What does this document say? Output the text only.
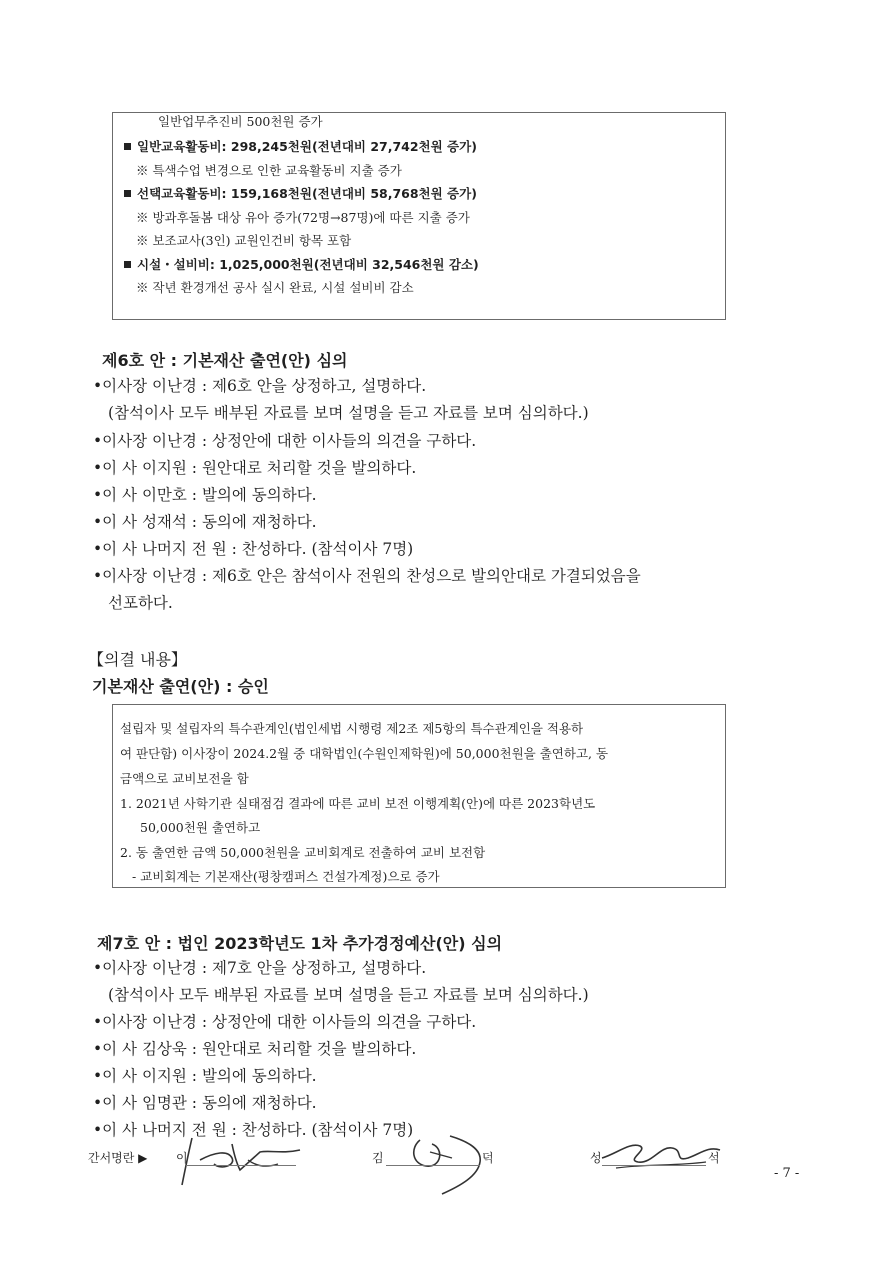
일반업무추진비 500천원 증가
일반교육활동비: 298,245천원(전년대비 27,742천원 증가)
※ 특색수업 변경으로 인한 교육활동비 지출 증가
선택교육활동비: 159,168천원(전년대비 58,768천원 증가)
※ 방과후돌봄 대상 유아 증가(72명→87명)에 따른 지출 증가
※ 보조교사(3인) 교원인건비 항목 포함
시설・설비비: 1,025,000천원(전년대비 32,546천원 감소)
※ 작년 환경개선 공사 실시 완료, 시설 설비비 감소
제6호 안 : 기본재산 출연(안) 심의
•이사장 이난경 : 제6호 안을 상정하고, 설명하다.
(참석이사 모두 배부된 자료를 보며 설명을 듣고 자료를 보며 심의하다.)
•이사장 이난경 : 상정안에 대한 이사들의 의견을 구하다.
•이 사 이지원 : 원안대로 처리할 것을 발의하다.
•이 사 이만호 : 발의에 동의하다.
•이 사 성재석 : 동의에 재청하다.
•이 사 나머지 전 원 : 찬성하다. (참석이사 7명)
•이사장 이난경 : 제6호 안은 참석이사 전원의 찬성으로 발의안대로 가결되었음을
선포하다.
【의결 내용】
기본재산 출연(안) : 승인
설립자 및 설립자의 특수관계인(법인세법 시행령 제2조 제5항의 특수관계인을 적용하
여 판단함) 이사장이 2024.2월 중 대학법인(수원인제학원)에 50,000천원을 출연하고, 동
금액으로 교비보전을 함
1. 2021년 사학기관 실태점검 결과에 따른 교비 보전 이행계획(안)에 따른 2023학년도
50,000천원 출연하고
2. 동 출연한 금액 50,000천원을 교비회계로 전출하여 교비 보전함
- 교비회계는 기본재산(평창캠퍼스 건설가계정)으로 증가
제7호 안 : 법인 2023학년도 1차 추가경정예산(안) 심의
•이사장 이난경 : 제7호 안을 상정하고, 설명하다.
(참석이사 모두 배부된 자료를 보며 설명을 듣고 자료를 보며 심의하다.)
•이사장 이난경 : 상정안에 대한 이사들의 의견을 구하다.
•이 사 김상욱 : 원안대로 처리할 것을 발의하다.
•이 사 이지원 : 발의에 동의하다.
•이 사 임명관 : 동의에 재청하다.
•이 사 나머지 전 원 : 찬성하다. (참석이사 7명)
간서명란 ▶ 이	김	덕	성	석
- 7 -
